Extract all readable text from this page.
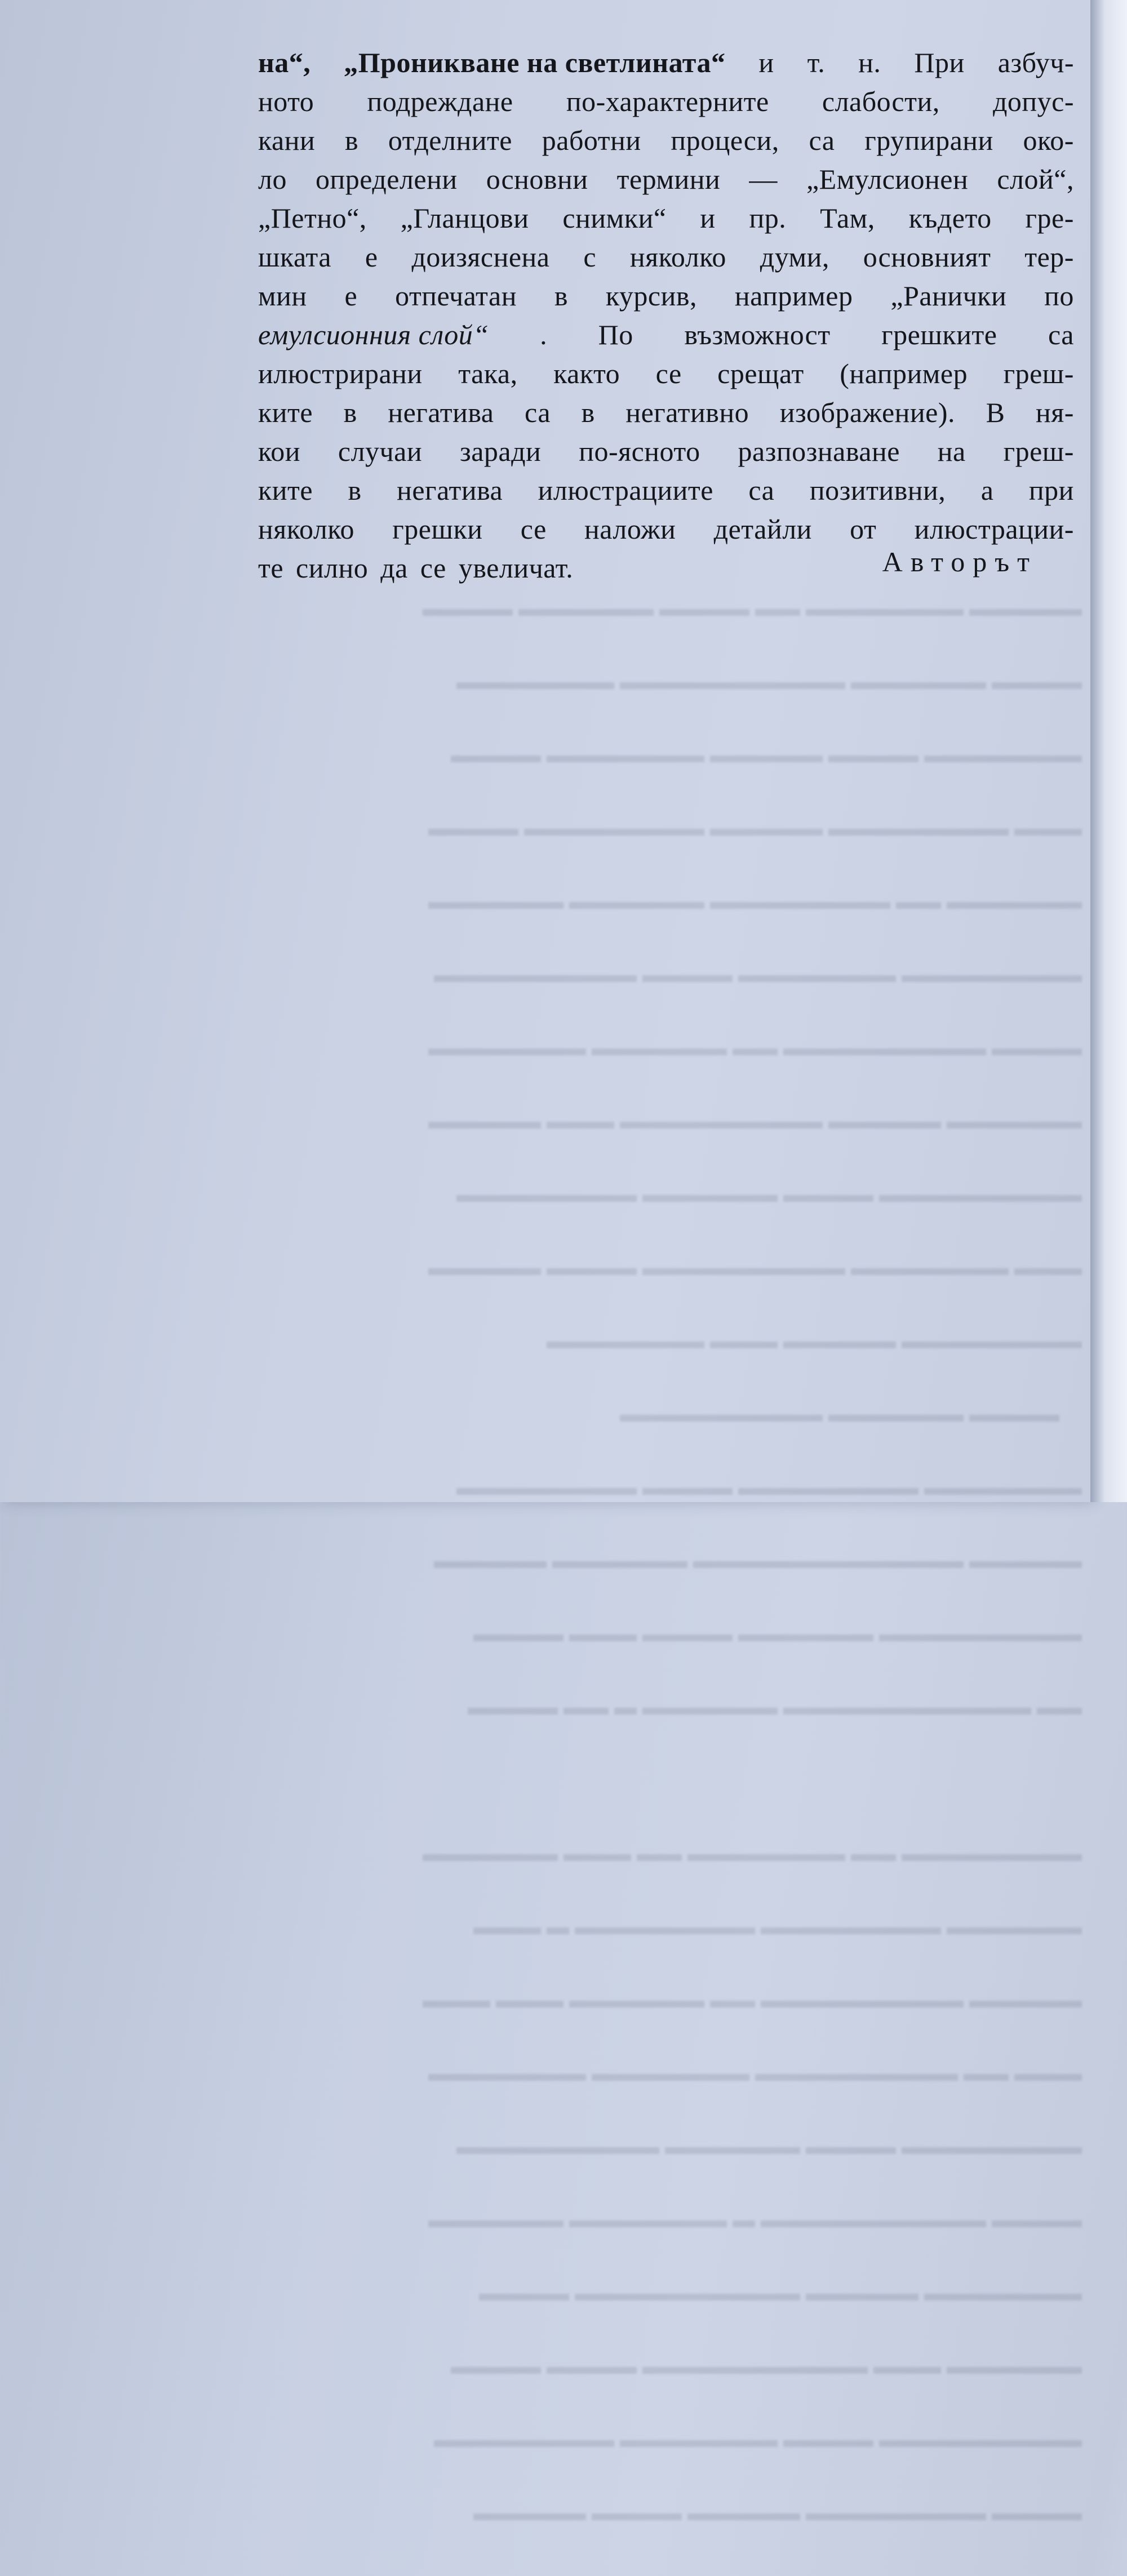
▬▬▬▬▬ ▬▬▬▬▬▬▬ ▬▬ ▬▬▬▬ ▬▬▬▬▬▬ ▬▬▬▬

▬▬▬▬ ▬▬▬▬▬▬ ▬▬▬▬▬▬▬▬▬▬ ▬▬▬▬▬▬▬

▬▬▬▬▬▬▬ ▬▬▬▬ ▬▬▬▬▬ ▬▬▬▬▬▬▬ ▬▬▬▬

▬▬▬ ▬▬▬▬▬▬▬▬ ▬▬▬▬▬ ▬▬▬▬▬▬▬▬ ▬▬▬▬

▬▬▬▬▬▬ ▬▬ ▬▬▬▬▬▬▬▬ ▬▬▬▬▬▬ ▬▬▬▬▬▬

▬▬▬▬▬▬▬▬ ▬▬▬▬▬▬▬ ▬▬▬▬ ▬▬▬▬▬▬▬▬▬

▬▬▬▬ ▬▬▬▬▬▬▬▬▬ ▬▬ ▬▬▬▬▬▬ ▬▬▬▬▬▬▬

▬▬▬▬▬▬ ▬▬▬▬▬ ▬▬▬▬▬▬▬▬▬ ▬▬▬ ▬▬▬▬▬

▬▬▬▬▬▬▬▬▬ ▬▬▬▬ ▬▬▬▬▬▬ ▬▬▬▬▬▬▬▬

▬▬▬ ▬▬▬▬▬▬▬ ▬▬▬▬▬▬▬▬▬ ▬▬▬▬ ▬▬▬▬▬

▬▬▬▬▬▬▬▬ ▬▬▬▬▬ ▬▬▬ ▬▬▬▬▬▬▬

▬▬▬▬ ▬▬▬▬▬▬ ▬▬▬▬▬▬▬▬▬

▬▬▬▬▬▬▬ ▬▬▬▬▬▬▬▬ ▬▬▬▬ ▬▬▬▬▬▬▬▬

▬▬▬▬▬ ▬▬▬▬▬▬▬▬▬▬▬▬ ▬▬▬▬▬▬ ▬▬▬▬▬

▬▬▬▬▬▬▬▬▬ ▬▬▬▬▬▬ ▬▬▬▬ ▬▬▬ ▬▬▬▬

▬▬ ▬▬▬▬▬▬▬▬▬▬▬ ▬▬▬▬▬▬ ▬ ▬▬ ▬▬▬▬

▬▬▬▬▬▬▬▬ ▬▬ ▬▬▬▬▬▬▬ ▬▬ ▬▬▬ ▬▬▬▬▬▬

▬▬▬▬▬▬ ▬▬▬▬▬▬▬▬ ▬▬▬▬▬▬▬▬ ▬ ▬▬▬

▬▬▬▬▬ ▬▬▬▬▬▬▬▬▬ ▬▬ ▬▬▬▬▬▬ ▬▬▬ ▬▬▬

▬▬▬ ▬▬ ▬▬▬▬▬▬▬▬▬ ▬▬▬▬▬▬▬ ▬▬▬▬▬▬▬

▬▬▬▬▬▬▬▬ ▬▬▬▬ ▬▬▬▬▬▬ ▬▬▬▬▬▬▬▬▬

▬▬▬▬ ▬▬▬▬▬▬▬▬▬▬ ▬ ▬▬▬▬▬▬▬ ▬▬▬▬▬▬

▬▬▬▬▬▬▬ ▬▬▬▬▬ ▬▬▬▬▬▬▬▬▬▬ ▬▬▬▬

▬▬▬▬▬▬ ▬▬▬ ▬▬▬▬▬▬▬▬▬▬ ▬▬▬▬ ▬▬▬▬

▬▬▬▬▬▬▬▬▬ ▬▬▬▬ ▬▬▬▬▬▬▬ ▬▬▬▬▬▬▬▬

▬▬▬▬ ▬▬▬▬▬▬▬▬ ▬▬▬▬▬ ▬▬▬▬ ▬▬▬▬▬

на“, „Проникване на светлината“ и т. н. При азбуч-
ното подреждане по-характерните слабости, допус-
кани в отделните работни процеси, са групирани око-
ло определени основни термини — „Емулсионен слой“,
„Петно“, „Гланцови снимки“ и пр. Там, където гре-
шката е доизяснена с няколко думи, основният тер-
мин е отпечатан в курсив, например „Ранички по
емулсионния слой“ . По възможност грешките са
илюстрирани така, както се срещат (например греш-
ките в негатива са в негативно изображение). В ня-
кои случаи заради по-ясното разпознаване на греш-
ките в негатива илюстрациите са позитивни, а при
няколко грешки се наложи детайли от илюстрации-
те силно да се увеличат.	Авторът
